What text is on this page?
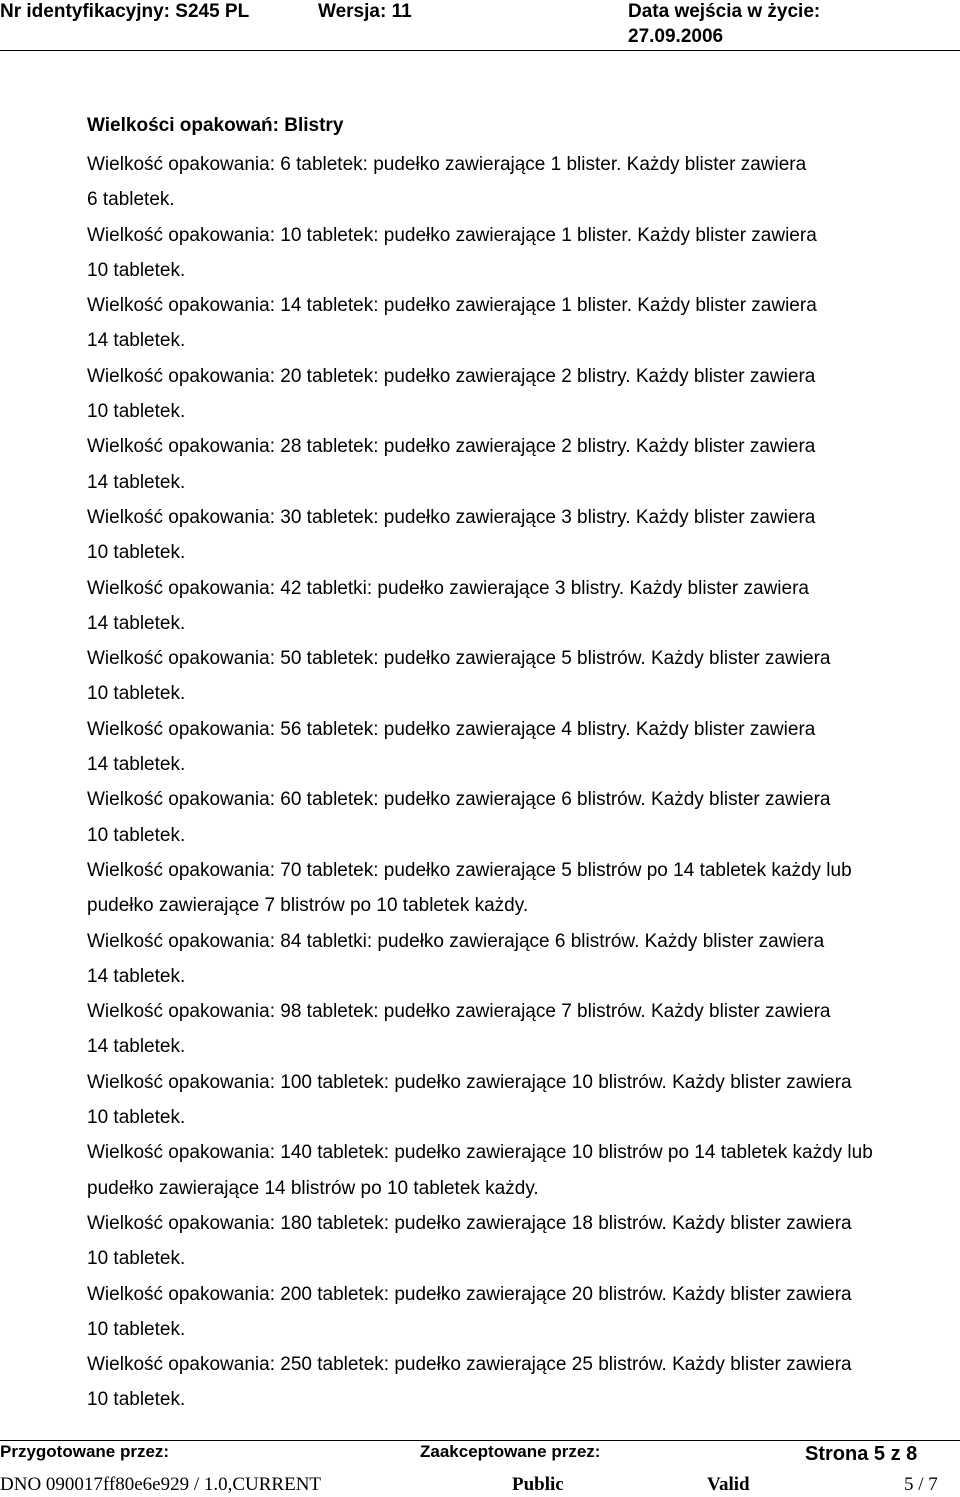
Nr identyfikacyjny: S245 PL	Wersja: 11	Data wejścia w życie:
27.09.2006
Wielkości opakowań: Blistry
Wielkość opakowania: 6 tabletek: pudełko zawierające 1 blister. Każdy blister zawiera
6 tabletek.
Wielkość opakowania: 10 tabletek: pudełko zawierające 1 blister. Każdy blister zawiera
10 tabletek.
Wielkość opakowania: 14 tabletek: pudełko zawierające 1 blister. Każdy blister zawiera
14 tabletek.
Wielkość opakowania: 20 tabletek: pudełko zawierające 2 blistry. Każdy blister zawiera
10 tabletek.
Wielkość opakowania: 28 tabletek: pudełko zawierające 2 blistry. Każdy blister zawiera
14 tabletek.
Wielkość opakowania: 30 tabletek: pudełko zawierające 3 blistry. Każdy blister zawiera
10 tabletek.
Wielkość opakowania: 42 tabletki: pudełko zawierające 3 blistry. Każdy blister zawiera
14 tabletek.
Wielkość opakowania: 50 tabletek: pudełko zawierające 5 blistrów. Każdy blister zawiera
10 tabletek.
Wielkość opakowania: 56 tabletek: pudełko zawierające 4 blistry. Każdy blister zawiera
14 tabletek.
Wielkość opakowania: 60 tabletek: pudełko zawierające 6 blistrów. Każdy blister zawiera
10 tabletek.
Wielkość opakowania: 70 tabletek: pudełko zawierające 5 blistrów po 14 tabletek każdy lub
pudełko zawierające 7 blistrów po 10 tabletek każdy.
Wielkość opakowania: 84 tabletki: pudełko zawierające 6 blistrów. Każdy blister zawiera
14 tabletek.
Wielkość opakowania: 98 tabletek: pudełko zawierające 7 blistrów. Każdy blister zawiera
14 tabletek.
Wielkość opakowania: 100 tabletek: pudełko zawierające 10 blistrów. Każdy blister zawiera
10 tabletek.
Wielkość opakowania: 140 tabletek: pudełko zawierające 10 blistrów po 14 tabletek każdy lub
pudełko zawierające 14 blistrów po 10 tabletek każdy.
Wielkość opakowania: 180 tabletek: pudełko zawierające 18 blistrów. Każdy blister zawiera
10 tabletek.
Wielkość opakowania: 200 tabletek: pudełko zawierające 20 blistrów. Każdy blister zawiera
10 tabletek.
Wielkość opakowania: 250 tabletek: pudełko zawierające 25 blistrów. Każdy blister zawiera
10 tabletek.
Przygotowane przez:	Zaakceptowane przez:	Strona 5 z 8
DNO 090017ff80e6e929 / 1.0,CURRENT	Public	Valid	5 / 7
